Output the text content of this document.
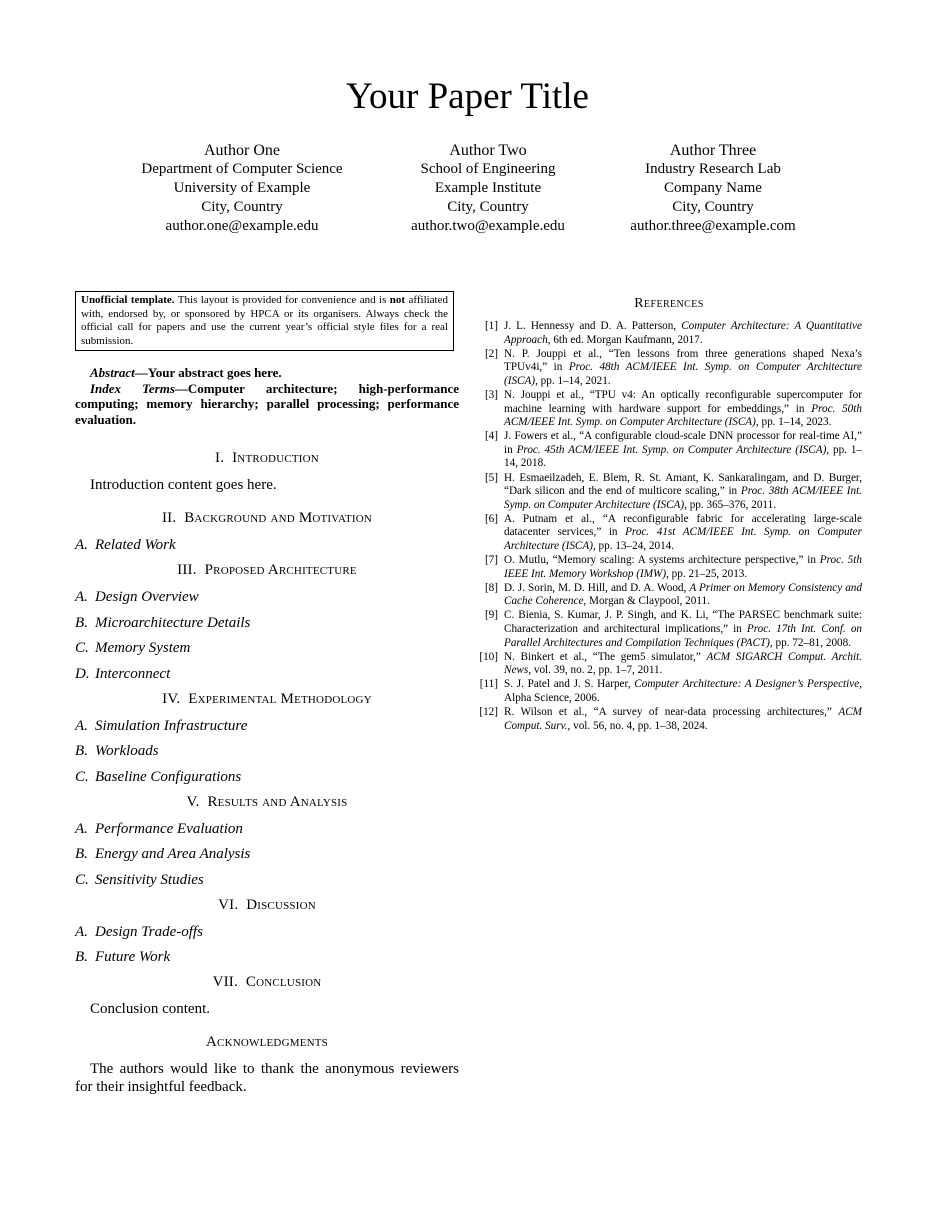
Your Paper Title
Author One
Department of Computer Science
University of Example
City, Country
author.one@example.edu
Author Two
School of Engineering
Example Institute
City, Country
author.two@example.edu
Author Three
Industry Research Lab
Company Name
City, Country
author.three@example.com
Unofficial template. This layout is provided for convenience and is not affiliated with, endorsed by, or sponsored by HPCA or its organisers. Always check the official call for papers and use the current year’s official style files for a real submission.

Abstract—Your abstract goes here.

Index Terms—Computer architecture; high-performance computing; memory hierarchy; parallel processing; performance evaluation.

I. Introduction

Introduction content goes here.

II. Background and Motivation

A. Related Work

III. Proposed Architecture

A. Design Overview

B. Microarchitecture Details

C. Memory System

D. Interconnect

IV. Experimental Methodology

A. Simulation Infrastructure

B. Workloads

C. Baseline Configurations

V. Results and Analysis

A. Performance Evaluation

B. Energy and Area Analysis

C. Sensitivity Studies

VI. Discussion

A. Design Trade-offs

B. Future Work

VII. Conclusion

Conclusion content.

Acknowledgments

The authors would like to thank the anonymous reviewers for their insightful feedback.

References
[1] J. L. Hennessy and D. A. Patterson, Computer Architecture: A Quantitative Approach, 6th ed. Morgan Kaufmann, 2017.
[2] N. P. Jouppi et al., “Ten lessons from three generations shaped Nexa’s TPUv4i,” in Proc. 48th ACM/IEEE Int. Symp. on Computer Architecture (ISCA), pp. 1–14, 2021.
[3] N. Jouppi et al., “TPU v4: An optically reconfigurable supercomputer for machine learning with hardware support for embeddings,” in Proc. 50th ACM/IEEE Int. Symp. on Computer Architecture (ISCA), pp. 1–14, 2023.
[4] J. Fowers et al., “A configurable cloud-scale DNN processor for real-time AI,” in Proc. 45th ACM/IEEE Int. Symp. on Computer Architecture (ISCA), pp. 1–14, 2018.
[5] H. Esmaeilzadeh, E. Blem, R. St. Amant, K. Sankaralingam, and D. Burger, “Dark silicon and the end of multicore scaling,” in Proc. 38th ACM/IEEE Int. Symp. on Computer Architecture (ISCA), pp. 365–376, 2011.
[6] A. Putnam et al., “A reconfigurable fabric for accelerating large-scale datacenter services,” in Proc. 41st ACM/IEEE Int. Symp. on Computer Architecture (ISCA), pp. 13–24, 2014.
[7] O. Mutlu, “Memory scaling: A systems architecture perspective,” in Proc. 5th IEEE Int. Memory Workshop (IMW), pp. 21–25, 2013.
[8] D. J. Sorin, M. D. Hill, and D. A. Wood, A Primer on Memory Consistency and Cache Coherence, Morgan & Claypool, 2011.
[9] C. Bienia, S. Kumar, J. P. Singh, and K. Li, “The PARSEC benchmark suite: Characterization and architectural implications,” in Proc. 17th Int. Conf. on Parallel Architectures and Compilation Techniques (PACT), pp. 72–81, 2008.
[10] N. Binkert et al., “The gem5 simulator,” ACM SIGARCH Comput. Archit. News, vol. 39, no. 2, pp. 1–7, 2011.
[11] S. J. Patel and J. S. Harper, Computer Architecture: A Designer’s Perspective, Alpha Science, 2006.
[12] R. Wilson et al., “A survey of near-data processing architectures,” ACM Comput. Surv., vol. 56, no. 4, pp. 1–38, 2024.
